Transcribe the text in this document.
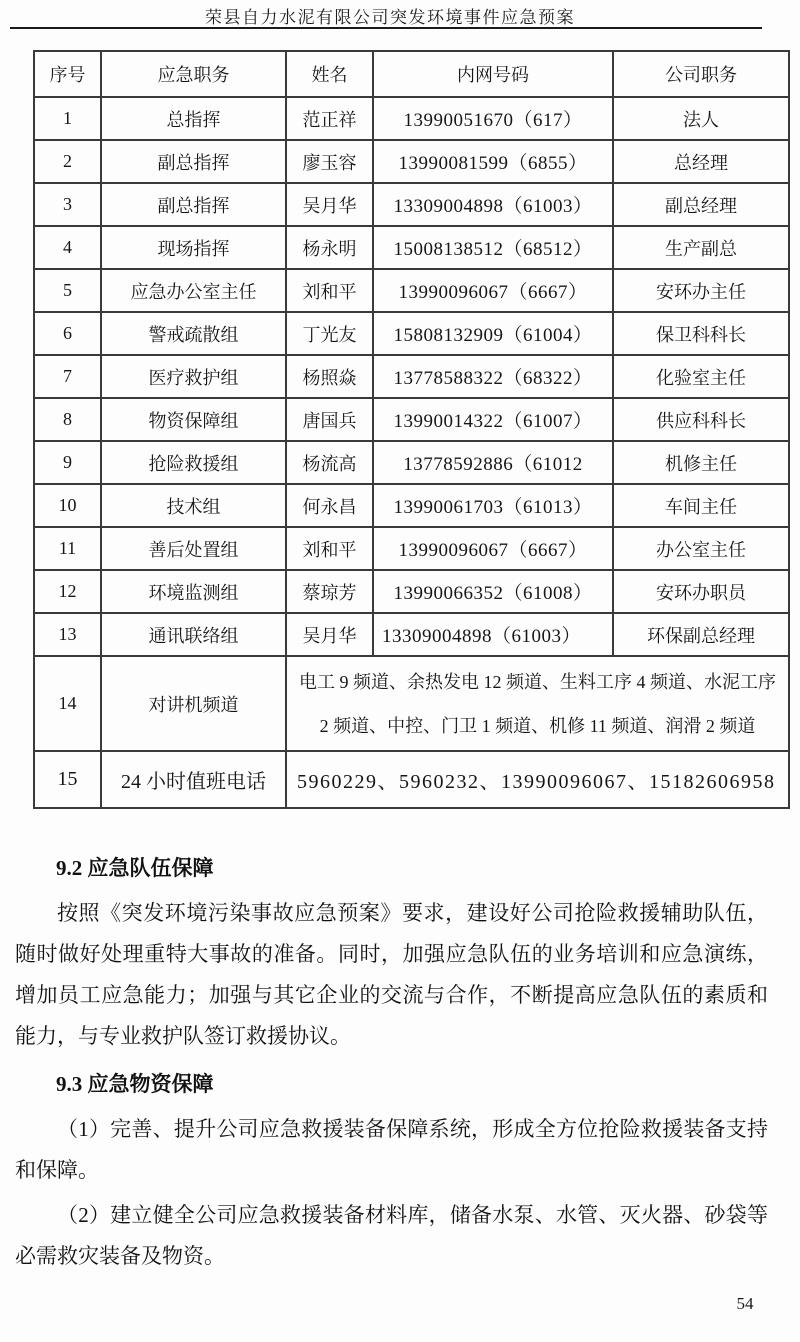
荣县自力水泥有限公司突发环境事件应急预案
序号	应急职务	姓名	内网号码	公司职务
1	总指挥	范正祥	13990051670（617）	法人
2	副总指挥	廖玉容	13990081599（6855）	总经理
3	副总指挥	吴月华	13309004898（61003）	副总经理
4	现场指挥	杨永明	15008138512（68512）	生产副总
5	应急办公室主任	刘和平	13990096067（6667）	安环办主任
6	警戒疏散组	丁光友	15808132909（61004）	保卫科科长
7	医疗救护组	杨照焱	13778588322（68322）	化验室主任
8	物资保障组	唐国兵	13990014322（61007）	供应科科长
9	抢险救援组	杨流高	13778592886（61012	机修主任
10	技术组	何永昌	13990061703（61013）	车间主任
11	善后处置组	刘和平	13990096067（6667）	办公室主任
12	环境监测组	蔡琼芳	13990066352（61008）	安环办职员
13	通讯联络组	吴月华	13309004898（61003）	环保副总经理
14	对讲机频道	电工 9 频道、余热发电 12 频道、生料工序 4 频道、水泥工序
2 频道、中控、门卫 1 频道、机修 11 频道、润滑 2 频道		

15	24 小时值班电话	5960229、5960232、13990096067、15182606958		
9.2 应急队伍保障

按照《突发环境污染事故应急预案》要求，建设好公司抢险救援辅助队伍，随时做好处理重特大事故的准备。同时，加强应急队伍的业务培训和应急演练，增加员工应急能力；加强与其它企业的交流与合作，不断提高应急队伍的素质和能力，与专业救护队签订救援协议。

9.3 应急物资保障

（1）完善、提升公司应急救援装备保障系统，形成全方位抢险救援装备支持和保障。

（2）建立健全公司应急救援装备材料库，储备水泵、水管、灭火器、砂袋等必需救灾装备及物资。

54
